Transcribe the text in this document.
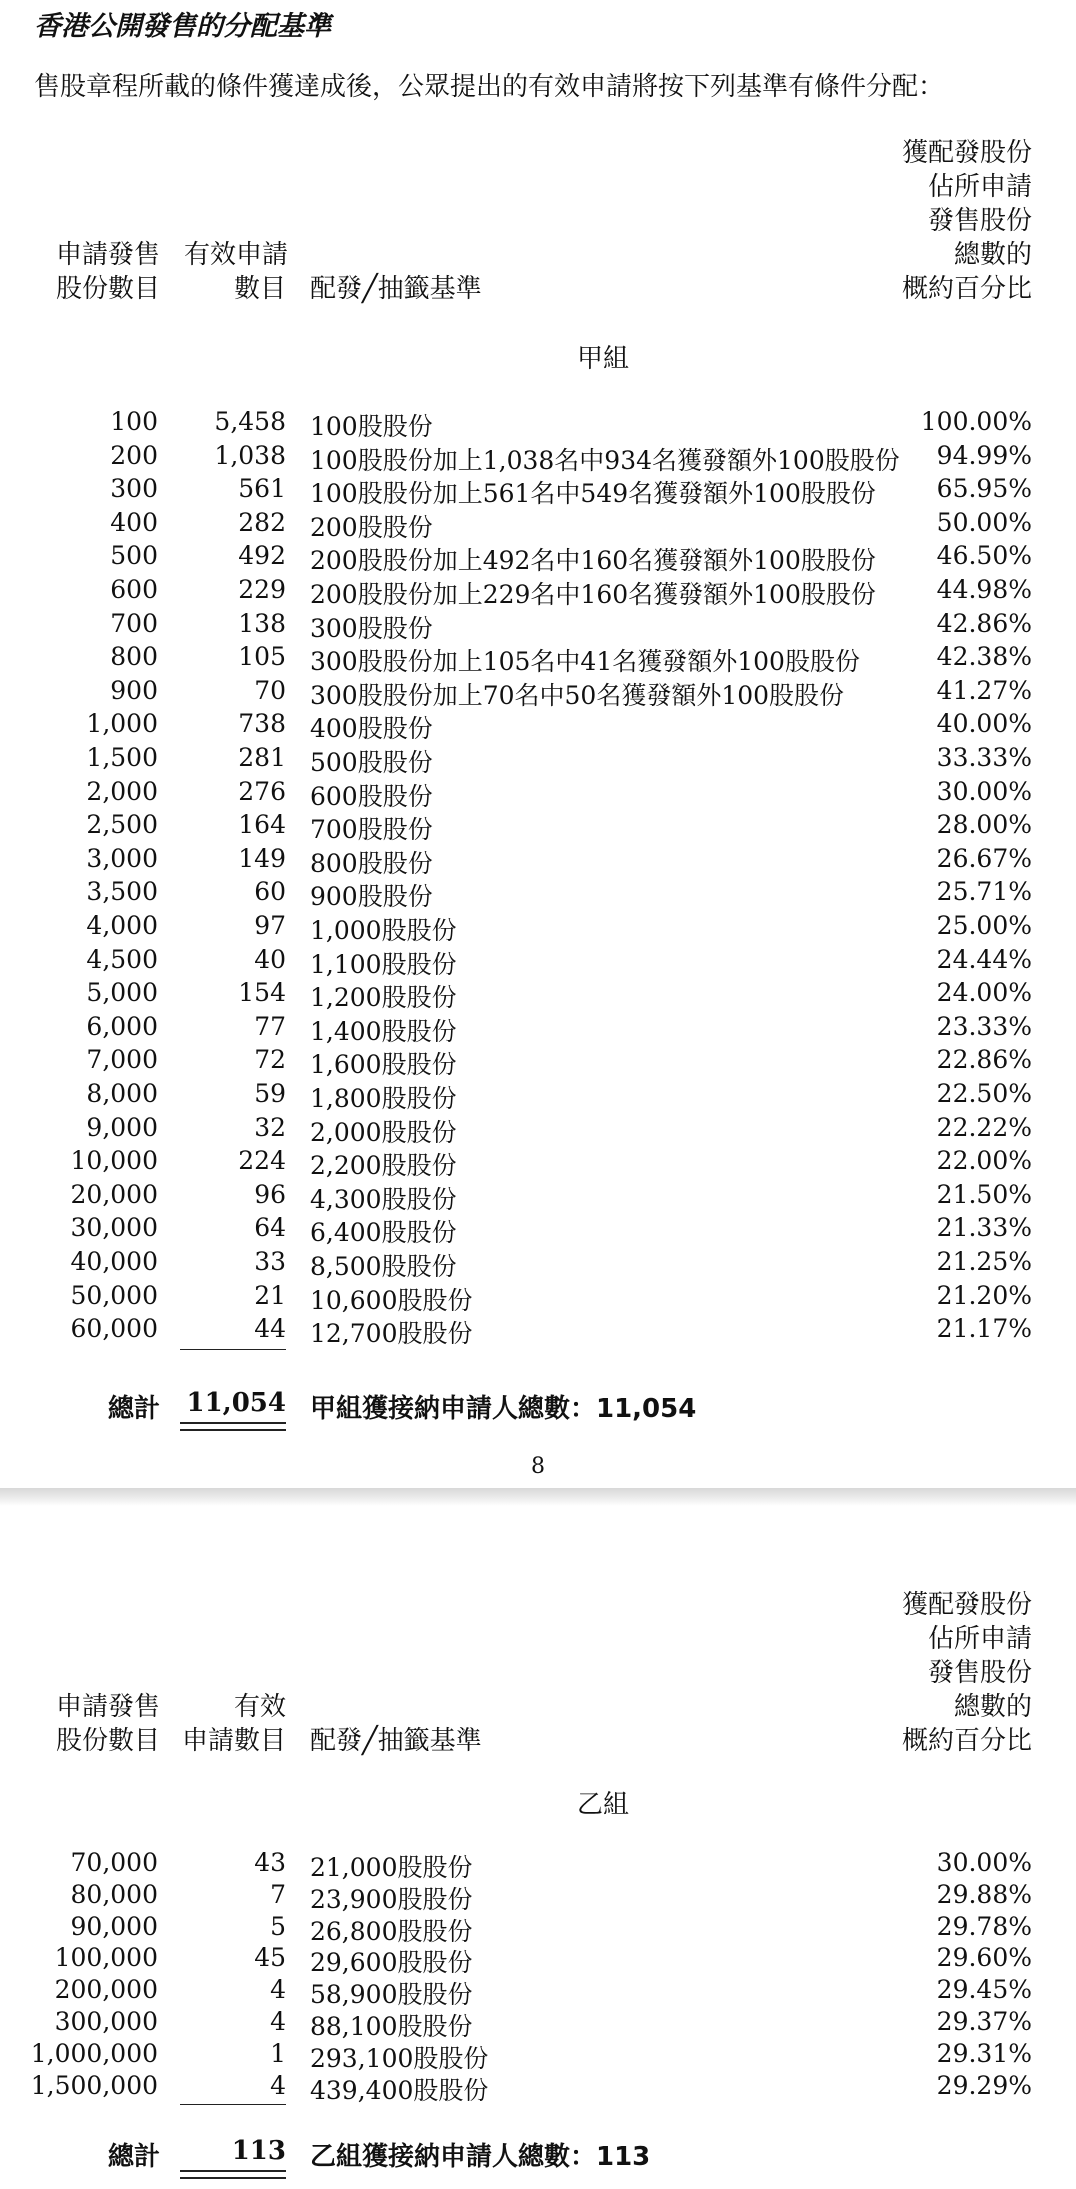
香港公開發售的分配基準
售股章程所載的條件獲達成後，公眾提出的有效申請將按下列基準有條件分配：
申請發售
股份數目
有效申請
數目 配發╱抽籤基準
獲配發股份
佔所申請
發售股份
總數的
概約百分比
甲組
100 5,458 100股股份	100.00%
200 1,038 100股股份加上1,038名中934名獲發額外100股股份 94.99%
300	561 100股股份加上561名中549名獲發額外100股股份 65.95%
400	282 200股股份	50.00%
500	492 200股股份加上492名中160名獲發額外100股股份 46.50%
600	229 200股股份加上229名中160名獲發額外100股股份 44.98%
700	138 300股股份	42.86%
800	105 300股股份加上105名中41名獲發額外100股股份	42.38%
900	70 300股股份加上70名中50名獲發額外100股股份	41.27%
1,000	738 400股股份	40.00%
1,500	281 500股股份	33.33%
2,000	276 600股股份	30.00%
2,500	164 700股股份	28.00%
3,000	149 800股股份	26.67%
3,500	60 900股股份	25.71%
4,000	97 1,000股股份	25.00%
4,500	40 1,100股股份	24.44%
5,000	154 1,200股股份	24.00%
6,000	77 1,400股股份	23.33%
7,000	72 1,600股股份	22.86%
8,000	59 1,800股股份	22.50%
9,000	32 2,000股股份	22.22%
10,000	224 2,200股股份	22.00%
20,000	96 4,300股股份	21.50%
30,000	64 6,400股股份	21.33%
40,000	33 8,500股股份	21.25%
50,000	21 10,600股股份	21.20%
60,000	44 12,700股股份	21.17%
總計 11,054 甲組獲接納申請人總數：11,054
8
申請發售
股份數目
有效
申請數目 配發╱抽籤基準
獲配發股份
佔所申請
發售股份
總數的
概約百分比
乙組
70,000	43 21,000股股份	30.00%
80,000	7 23,900股股份	29.88%
90,000	5 26,800股股份	29.78%
100,000	45 29,600股股份	29.60%
200,000	4 58,900股股份	29.45%
300,000	4 88,100股股份	29.37%
1,000,000	1 293,100股股份	29.31%
1,500,000	4 439,400股股份	29.29%
總計	113 乙組獲接納申請人總數：113
